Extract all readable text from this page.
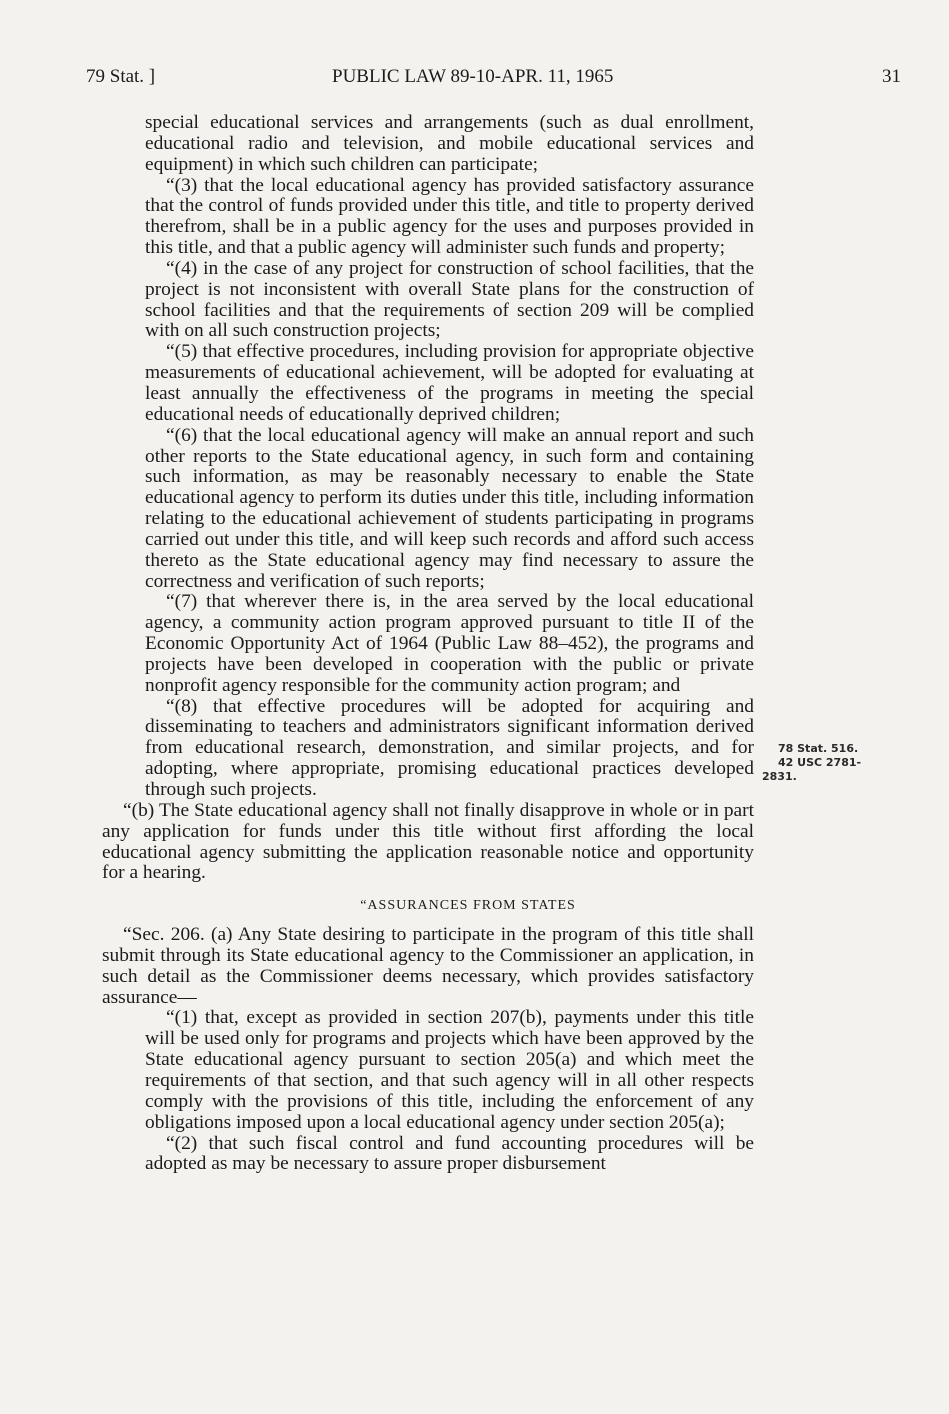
79 Stat. ]	PUBLIC LAW 89-10-APR. 11, 1965	31

special educational services and arrangements (such as dual enrollment, educational radio and television, and mobile educational services and equipment) in which such children can participate;

“(3) that the local educational agency has provided satisfactory assurance that the control of funds provided under this title, and title to property derived therefrom, shall be in a public agency for the uses and purposes provided in this title, and that a public agency will administer such funds and property;

“(4) in the case of any project for construction of school facilities, that the project is not inconsistent with overall State plans for the construction of school facilities and that the requirements of section 209 will be complied with on all such construction projects;

“(5) that effective procedures, including provision for appropriate objective measurements of educational achievement, will be adopted for evaluating at least annually the effectiveness of the programs in meeting the special educational needs of educationally deprived children;

“(6) that the local educational agency will make an annual report and such other reports to the State educational agency, in such form and containing such information, as may be reasonably necessary to enable the State educational agency to perform its duties under this title, including information relating to the educational achievement of students participating in programs carried out under this title, and will keep such records and afford such access thereto as the State educational agency may find necessary to assure the correctness and verification of such reports;

“(7) that wherever there is, in the area served by the local educational agency, a community action program approved pursuant to title II of the Economic Opportunity Act of 1964 (Public Law 88–452), the programs and projects have been developed in cooperation with the public or private nonprofit agency responsible for the community action program; and

“(8) that effective procedures will be adopted for acquiring and disseminating to teachers and administrators significant information derived from educational research, demonstration, and similar projects, and for adopting, where appropriate, promising educational practices developed through such projects.

“(b) The State educational agency shall not finally disapprove in whole or in part any application for funds under this title without first affording the local educational agency submitting the application reasonable notice and opportunity for a hearing.

“ASSURANCES FROM STATES

“Sec. 206. (a) Any State desiring to participate in the program of this title shall submit through its State educational agency to the Commissioner an application, in such detail as the Commissioner deems necessary, which provides satisfactory assurance—

“(1) that, except as provided in section 207(b), payments under this title will be used only for programs and projects which have been approved by the State educational agency pursuant to section 205(a) and which meet the requirements of that section, and that such agency will in all other respects comply with the provisions of this title, including the enforcement of any obligations imposed upon a local educational agency under section 205(a);

“(2) that such fiscal control and fund accounting procedures will be adopted as may be necessary to assure proper disbursement

78 Stat. 516.
42 USC 2781-
2831.
